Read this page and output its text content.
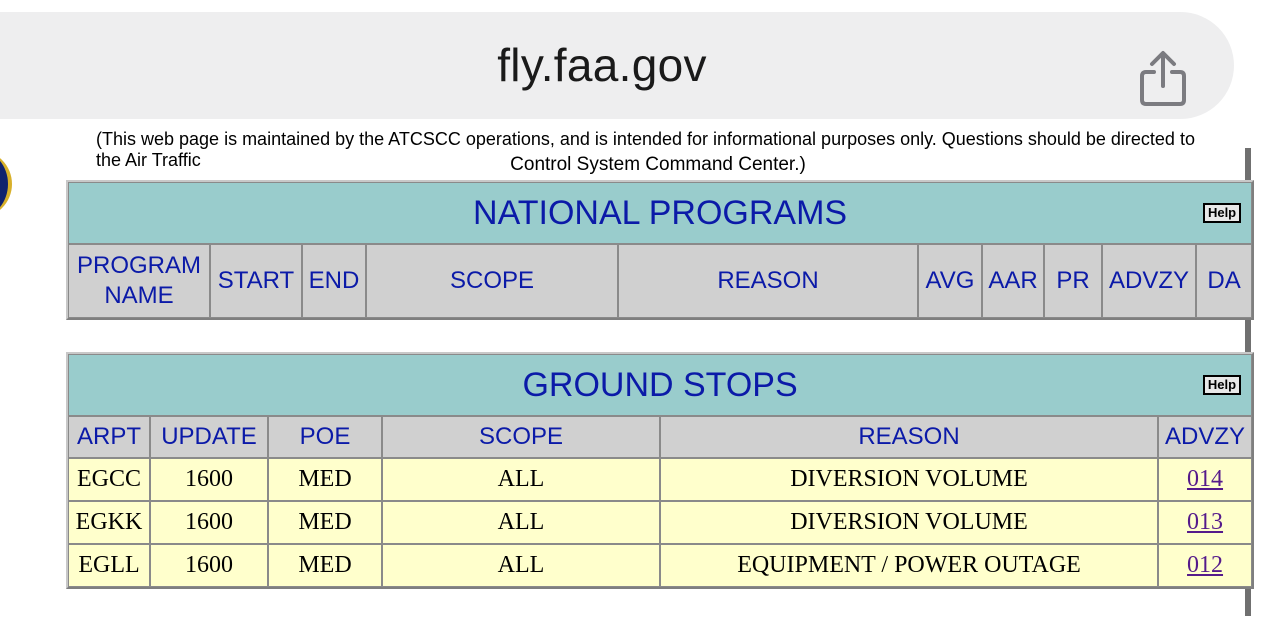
fly.faa.gov
(This web page is maintained by the ATCSCC operations, and is intended for informational purposes only. Questions should be directed to the Air Traffic	Control System Command Center.)
NATIONAL PROGRAMS	Help

PROGRAM NAME	START	END	SCOPE	REASON	AVG	AAR	PR	ADVZY	DA
GROUND STOPS Help					

ARPT	UPDATE	POE	SCOPE	REASON	ADVZY
EGCC	1600	MED	ALL	DIVERSION VOLUME	014
EGKK	1600	MED	ALL	DIVERSION VOLUME	013
EGLL	1600	MED	ALL	EQUIPMENT / POWER OUTAGE	012
